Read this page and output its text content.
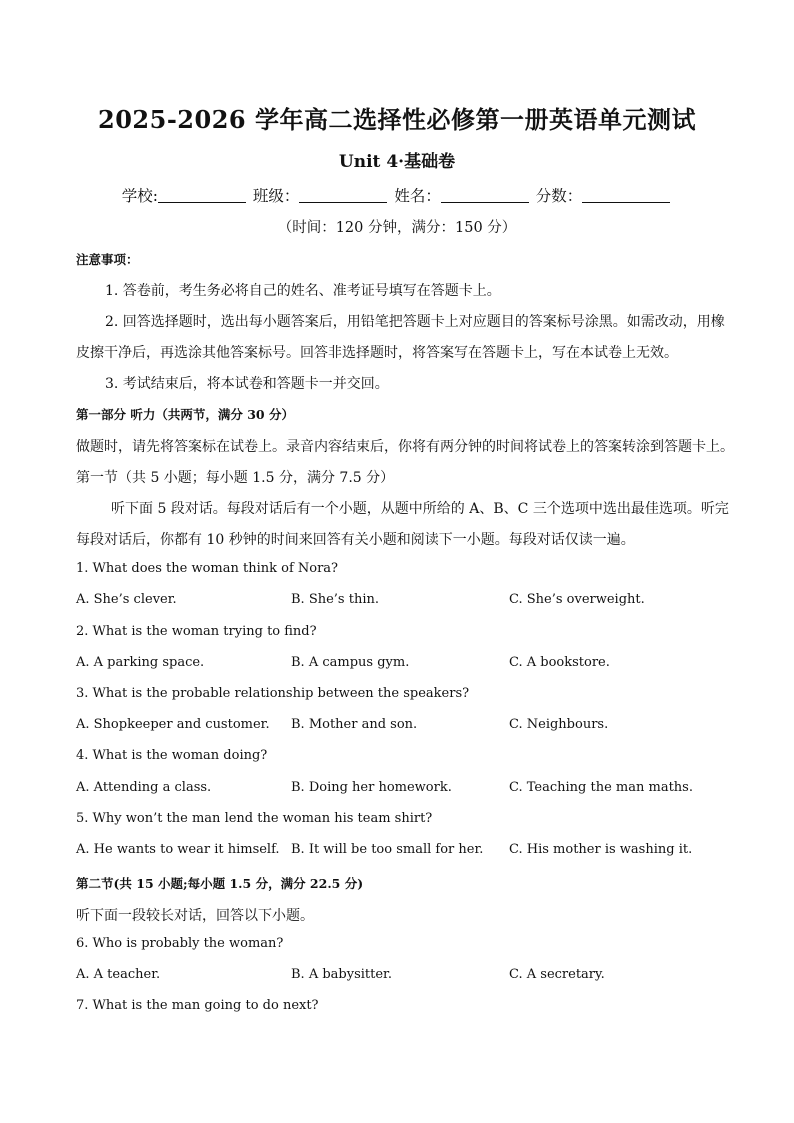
2025-2026 学年高二选择性必修第一册英语单元测试
Unit 4·基础卷
学校:	班级：	姓名：	分数：
（时间：120 分钟，满分：150 分）
注意事项：
1. 答卷前，考生务必将自己的姓名、准考证号填写在答题卡上。
2. 回答选择题时，选出每小题答案后，用铅笔把答题卡上对应题目的答案标号涂黑。如需改动，用橡
皮擦干净后，再选涂其他答案标号。回答非选择题时，将答案写在答题卡上，写在本试卷上无效。
3. 考试结束后，将本试卷和答题卡一并交回。
第一部分 听力（共两节，满分 30 分）
做题时，请先将答案标在试卷上。录音内容结束后，你将有两分钟的时间将试卷上的答案转涂到答题卡上。
第一节（共 5 小题；每小题 1.5 分，满分 7.5 分）
听下面 5 段对话。每段对话后有一个小题，从题中所给的 A、B、C 三个选项中选出最佳选项。听完
每段对话后，你都有 10 秒钟的时间来回答有关小题和阅读下一小题。每段对话仅读一遍。
1. What does the woman think of Nora?
A. She’s clever.	B. She’s thin.	C. She’s overweight.
2. What is the woman trying to find?
A. A parking space.	B. A campus gym.	C. A bookstore.
3. What is the probable relationship between the speakers?
A. Shopkeeper and customer. B. Mother and son.	C. Neighbours.
4. What is the woman doing?
A. Attending a class.	B. Doing her homework.	C. Teaching the man maths.
5. Why won’t the man lend the woman his team shirt?
A. He wants to wear it himself. B. It will be too small for her. C. His mother is washing it.
第二节(共 15 小题;每小题 1.5 分，满分 22.5 分)
听下面一段较长对话，回答以下小题。
6. Who is probably the woman?
A. A teacher.	B. A babysitter.	C. A secretary.
7. What is the man going to do next?
